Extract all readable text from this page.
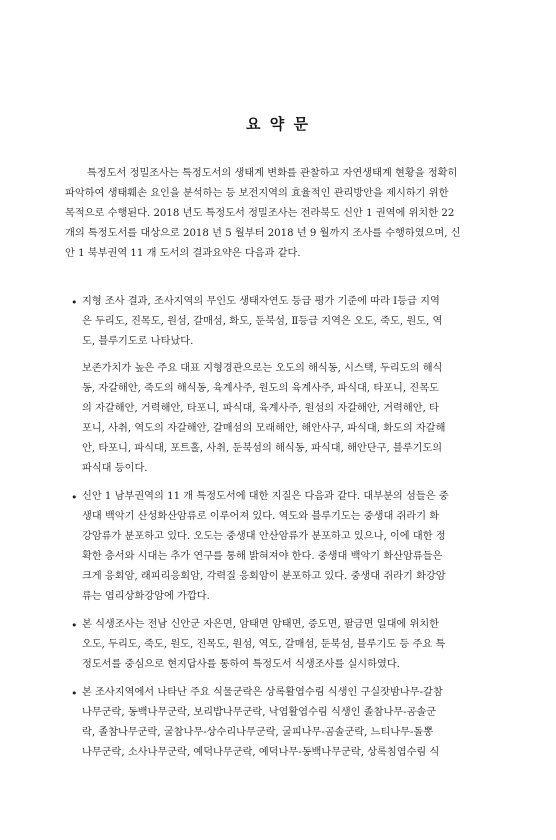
요 약 문
특정도서 정밀조사는 특정도서의 생태계 변화를 관찰하고 자연생태계 현황을 정확히
파악하여 생태훼손 요인을 분석하는 등 보전지역의 효율적인 관리방안을 제시하기 위한
목적으로 수행된다. 2018 년도 특정도서 정밀조사는 전라북도 신안 1 권역에 위치한 22
개의 특정도서를 대상으로 2018 년 5 월부터 2018 년 9 월까지 조사를 수행하였으며, 신
안 1 북부권역 11 개 도서의 결과요약은 다음과 같다.
• 지형 조사 결과, 조사지역의 무인도 생태자연도 등급 평가 기준에 따라 Ⅰ등급 지역
은 두리도, 진목도, 원섬, 갈매섬, 화도, 둔북섬, Ⅱ등급 지역은 오도, 죽도, 원도, 역
도, 블루기도로 나타났다.
보존가치가 높은 주요 대표 지형경관으로는 오도의 해식동, 시스택, 두리도의 해식
동, 자갈해안, 죽도의 해식동, 육계사주, 원도의 육계사주, 파식대, 타포니, 진목도
의 자갈해안, 거력해안, 타포니, 파식대, 육계사주, 원섬의 자갈해안, 거력해안, 타
포니, 사취, 역도의 자갈해안, 갈매섬의 모래해안, 해안사구, 파식대, 화도의 자갈해
안, 타포니, 파식대, 포트홀, 사취, 둔북섬의 해식동, 파식대, 해안단구, 블루기도의
파식대 등이다.
• 신안 1 남부권역의 11 개 특정도서에 대한 지질은 다음과 같다. 대부분의 섬들은 중
생대 백악기 산성화산암류로 이루어져 있다. 역도와 블루기도는 중생대 쥐라기 화
강암류가 분포하고 있다. 오도는 중생대 안산암류가 분포하고 있으나, 이에 대한 정
확한 층서와 시대는 추가 연구를 통해 밝혀져야 한다. 중생대 백악기 화산암류들은
크게 응회암, 래피리응회암, 각력질 응회암이 분포하고 있다. 중생대 쥐라기 화강암
류는 엽리상화강암에 가깝다.
• 본 식생조사는 전남 신안군 자은면, 암태면 암태면, 증도면, 팔금면 일대에 위치한
오도, 두리도, 죽도, 원도, 진목도, 원섬, 역도, 갈매섬, 둔북섬, 블루기도 등 주요 특
정도서를 중심으로 현지답사를 통하여 특정도서 식생조사를 실시하였다.
• 본 조사지역에서 나타난 주요 식물군락은 상록활엽수림 식생인 구실잣밤나무-갈참
나무군락, 동백나무군락, 보리밥나무군락, 낙엽활엽수림 식생인 졸참나무-곰솔군
락, 졸참나무군락, 굴참나무-상수리나무군락, 굴피나무-곰솔군락, 느티나무-돌뽕
나무군락, 소사나무군락, 예덕나무군락, 예덕나무-동백나무군락, 상록침엽수림 식
